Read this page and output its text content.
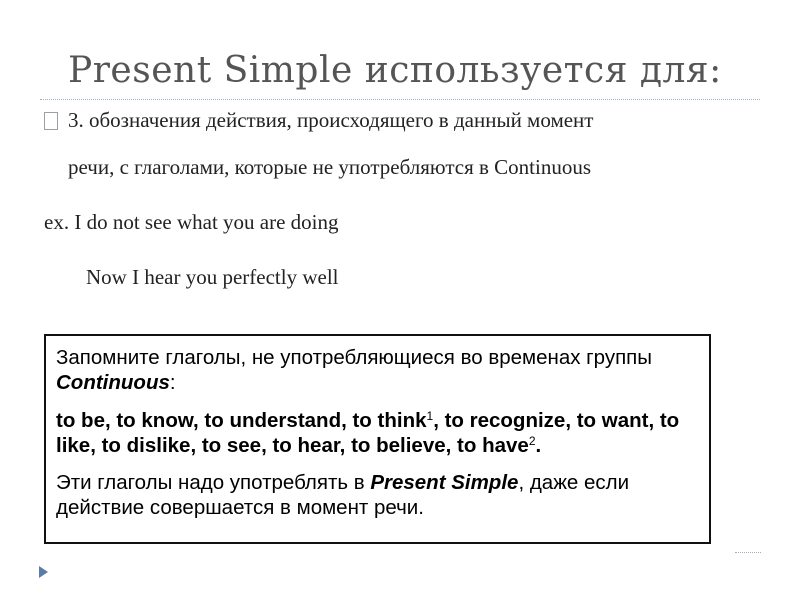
Present Simple используется для:
3. обозначения действия, происходящего в данный момент
речи, с глаголами, которые не употребляются в Continuous
ex. I do not see what you are doing
Now I hear you perfectly well

Запомните глаголы, не употребляющиеся во временах группы Continuous:

to be, to know, to understand, to think$^1$, to recognize, to want, to like, to dislike, to see, to hear, to believe, to have$^2$.

Эти глаголы надо употреблять в Present Simple, даже если действие совершается в момент речи.
